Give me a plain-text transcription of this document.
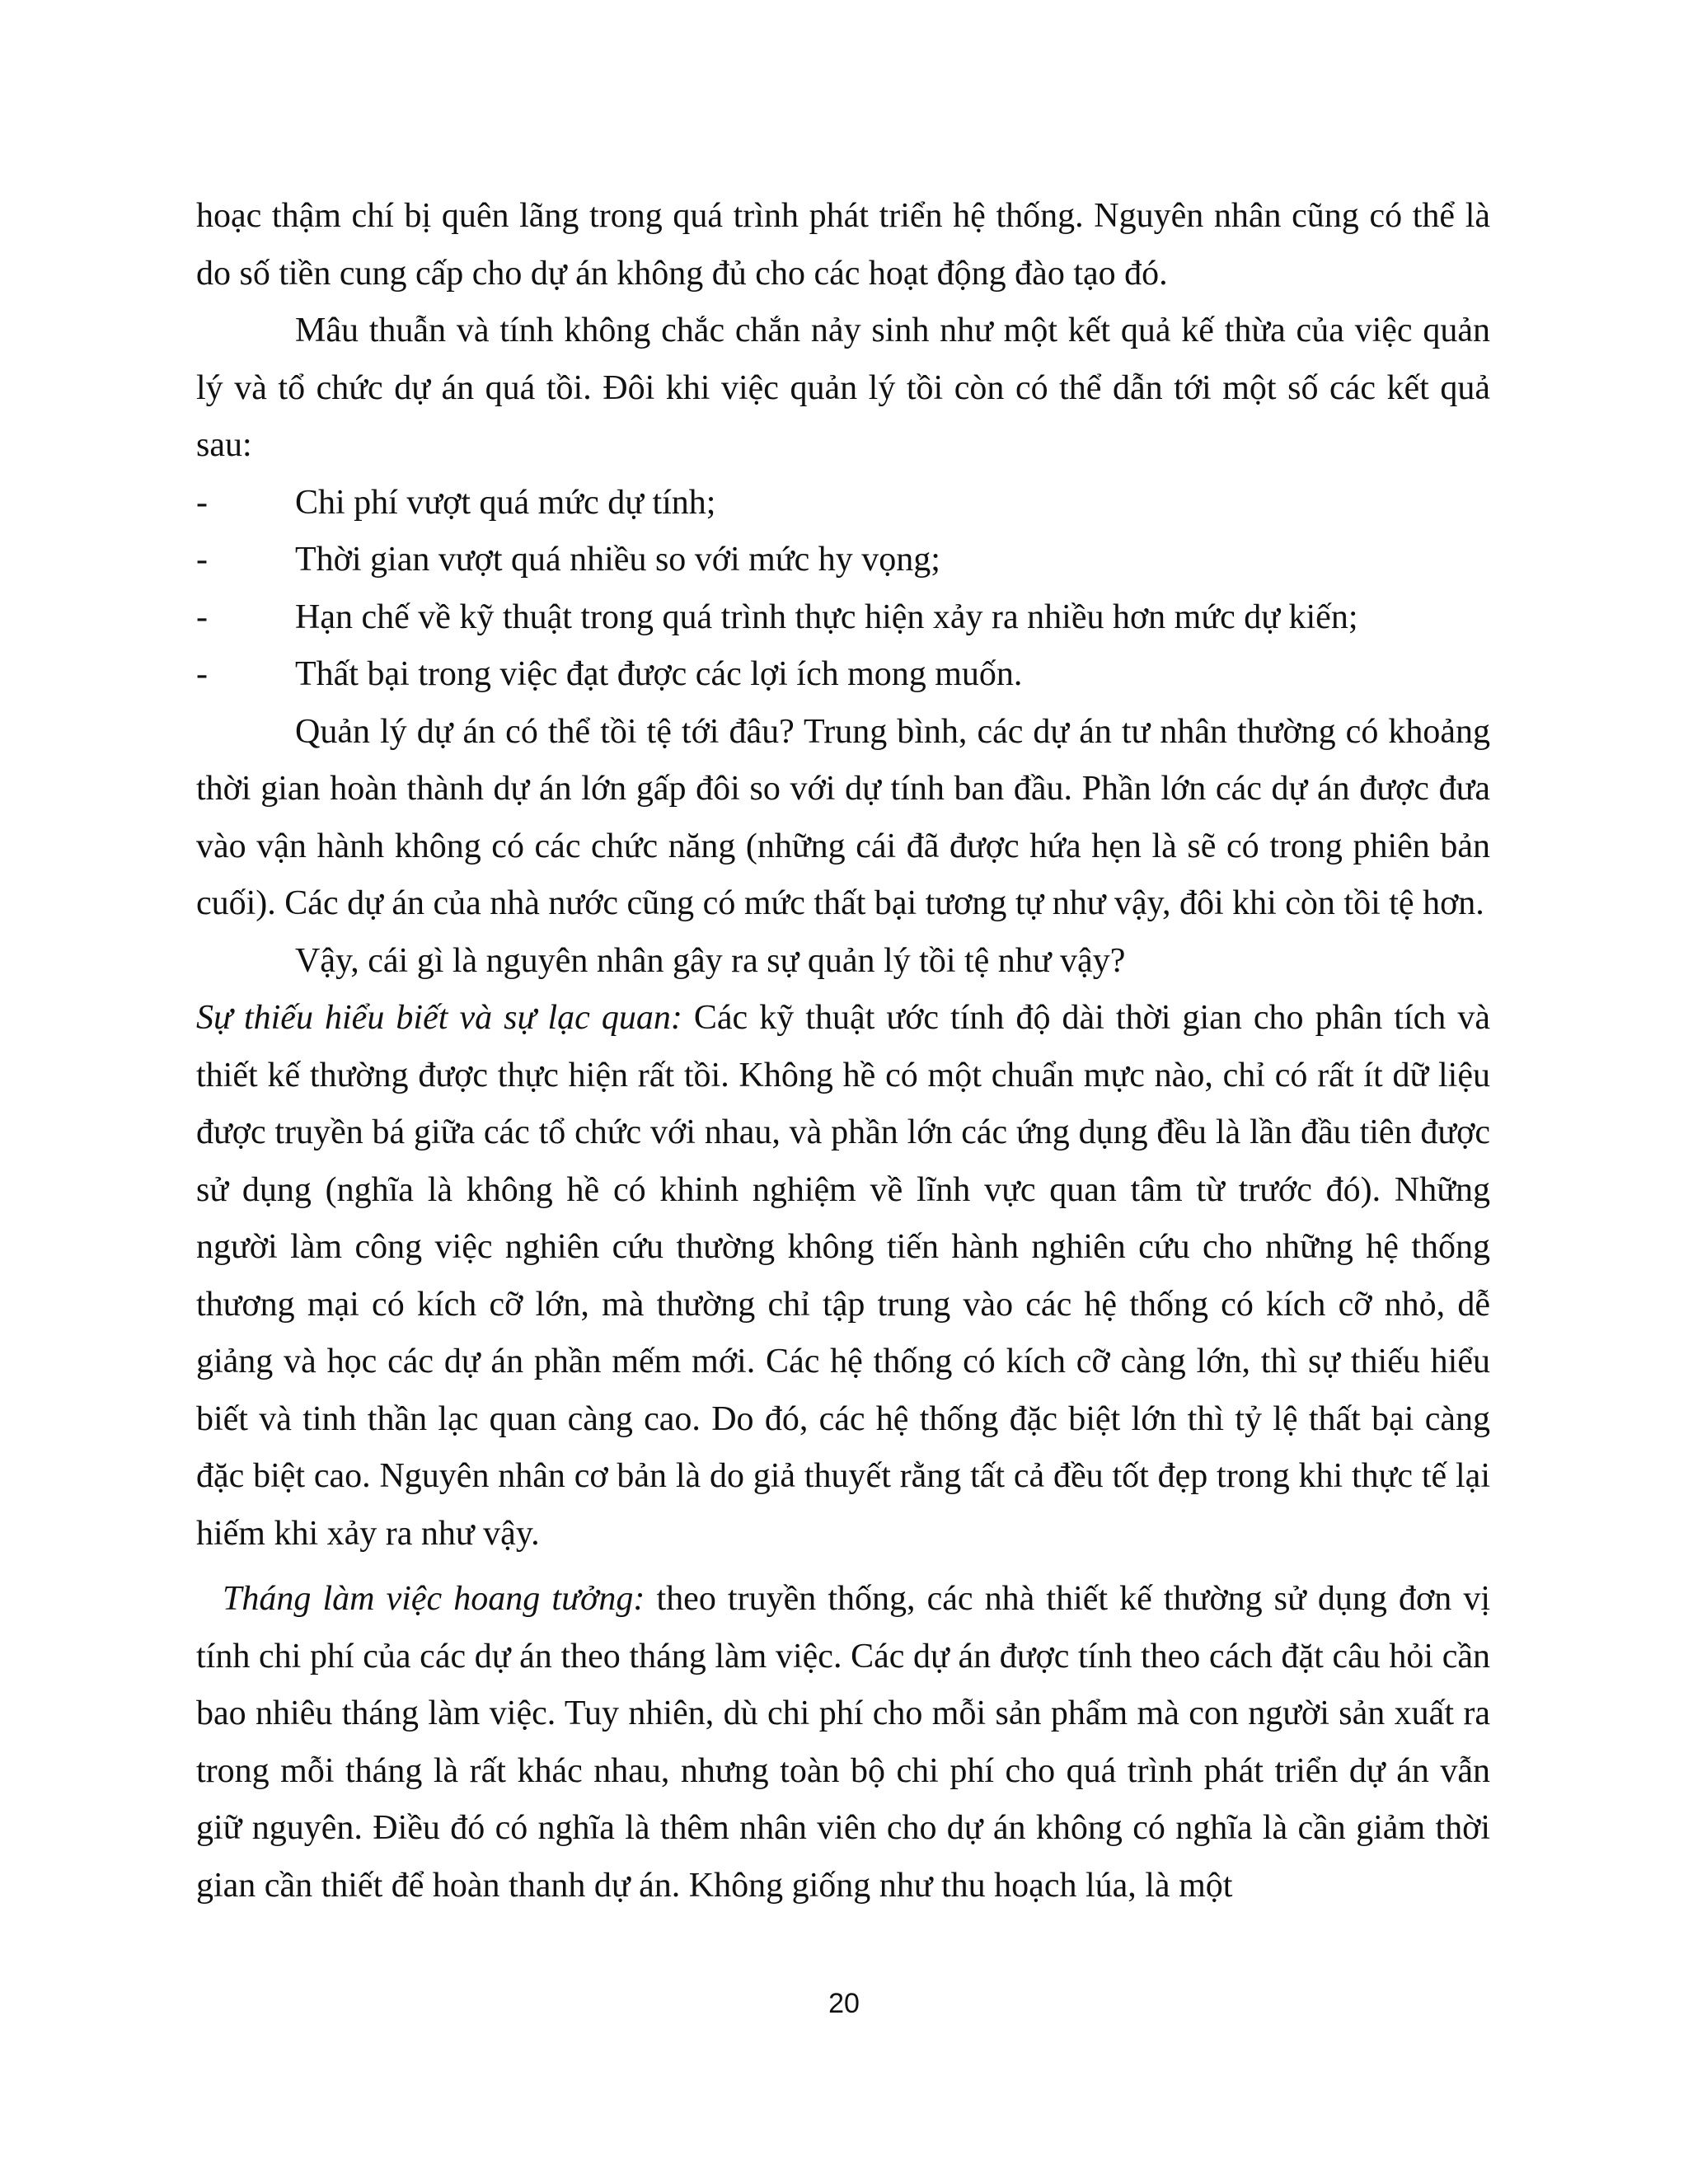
hoạc thậm chí bị quên lãng trong quá trình phát triển hệ thống. Nguyên nhân cũng có thể là do số tiền cung cấp cho dự án không đủ cho các hoạt động đào tạo đó.

Mâu thuẫn và tính không chắc chắn nảy sinh như một kết quả kế thừa của việc quản lý và tổ chức dự án quá tồi. Đôi khi việc quản lý tồi còn có thể dẫn tới một số các kết quả sau:

-	Chi phí vượt quá mức dự tính;
-	Thời gian vượt quá nhiều so với mức hy vọng;
-	Hạn chế về kỹ thuật trong quá trình thực hiện xảy ra nhiều hơn mức dự kiến;
-	Thất bại trong việc đạt được các lợi ích mong muốn.

Quản lý dự án có thể tồi tệ tới đâu? Trung bình, các dự án tư nhân thường có khoảng thời gian hoàn thành dự án lớn gấp đôi so với dự tính ban đầu. Phần lớn các dự án được đưa vào vận hành không có các chức năng (những cái đã được hứa hẹn là sẽ có trong phiên bản cuối). Các dự án của nhà nước cũng có mức thất bại tương tự như vậy, đôi khi còn tồi tệ hơn.

Vậy, cái gì là nguyên nhân gây ra sự quản lý tồi tệ như vậy?

Sự thiếu hiểu biết và sự lạc quan: Các kỹ thuật ước tính độ dài thời gian cho phân tích và thiết kế thường được thực hiện rất tồi. Không hề có một chuẩn mực nào, chỉ có rất ít dữ liệu được truyền bá giữa các tổ chức với nhau, và phần lớn các ứng dụng đều là lần đầu tiên được sử dụng (nghĩa là không hề có khinh nghiệm về lĩnh vực quan tâm từ trước đó). Những người làm công việc nghiên cứu thường không tiến hành nghiên cứu cho những hệ thống thương mại có kích cỡ lớn, mà thường chỉ tập trung vào các hệ thống có kích cỡ nhỏ, dễ giảng và học các dự án phần mếm mới. Các hệ thống có kích cỡ càng lớn, thì sự thiếu hiểu biết và tinh thần lạc quan càng cao. Do đó, các hệ thống đặc biệt lớn thì tỷ lệ thất bại càng đặc biệt cao. Nguyên nhân cơ bản là do giả thuyết rằng tất cả đều tốt đẹp trong khi thực tế lại hiếm khi xảy ra như vậy.

Tháng làm việc hoang tưởng: theo truyền thống, các nhà thiết kế thường sử dụng đơn vị tính chi phí của các dự án theo tháng làm việc. Các dự án được tính theo cách đặt câu hỏi cần bao nhiêu tháng làm việc. Tuy nhiên, dù chi phí cho mỗi sản phẩm mà con người sản xuất ra trong mỗi tháng là rất khác nhau, nhưng toàn bộ chi phí cho quá trình phát triển dự án vẫn giữ nguyên. Điều đó có nghĩa là thêm nhân viên cho dự án không có nghĩa là cần giảm thời gian cần thiết để hoàn thanh dự án. Không giống như thu hoạch lúa, là một

20
